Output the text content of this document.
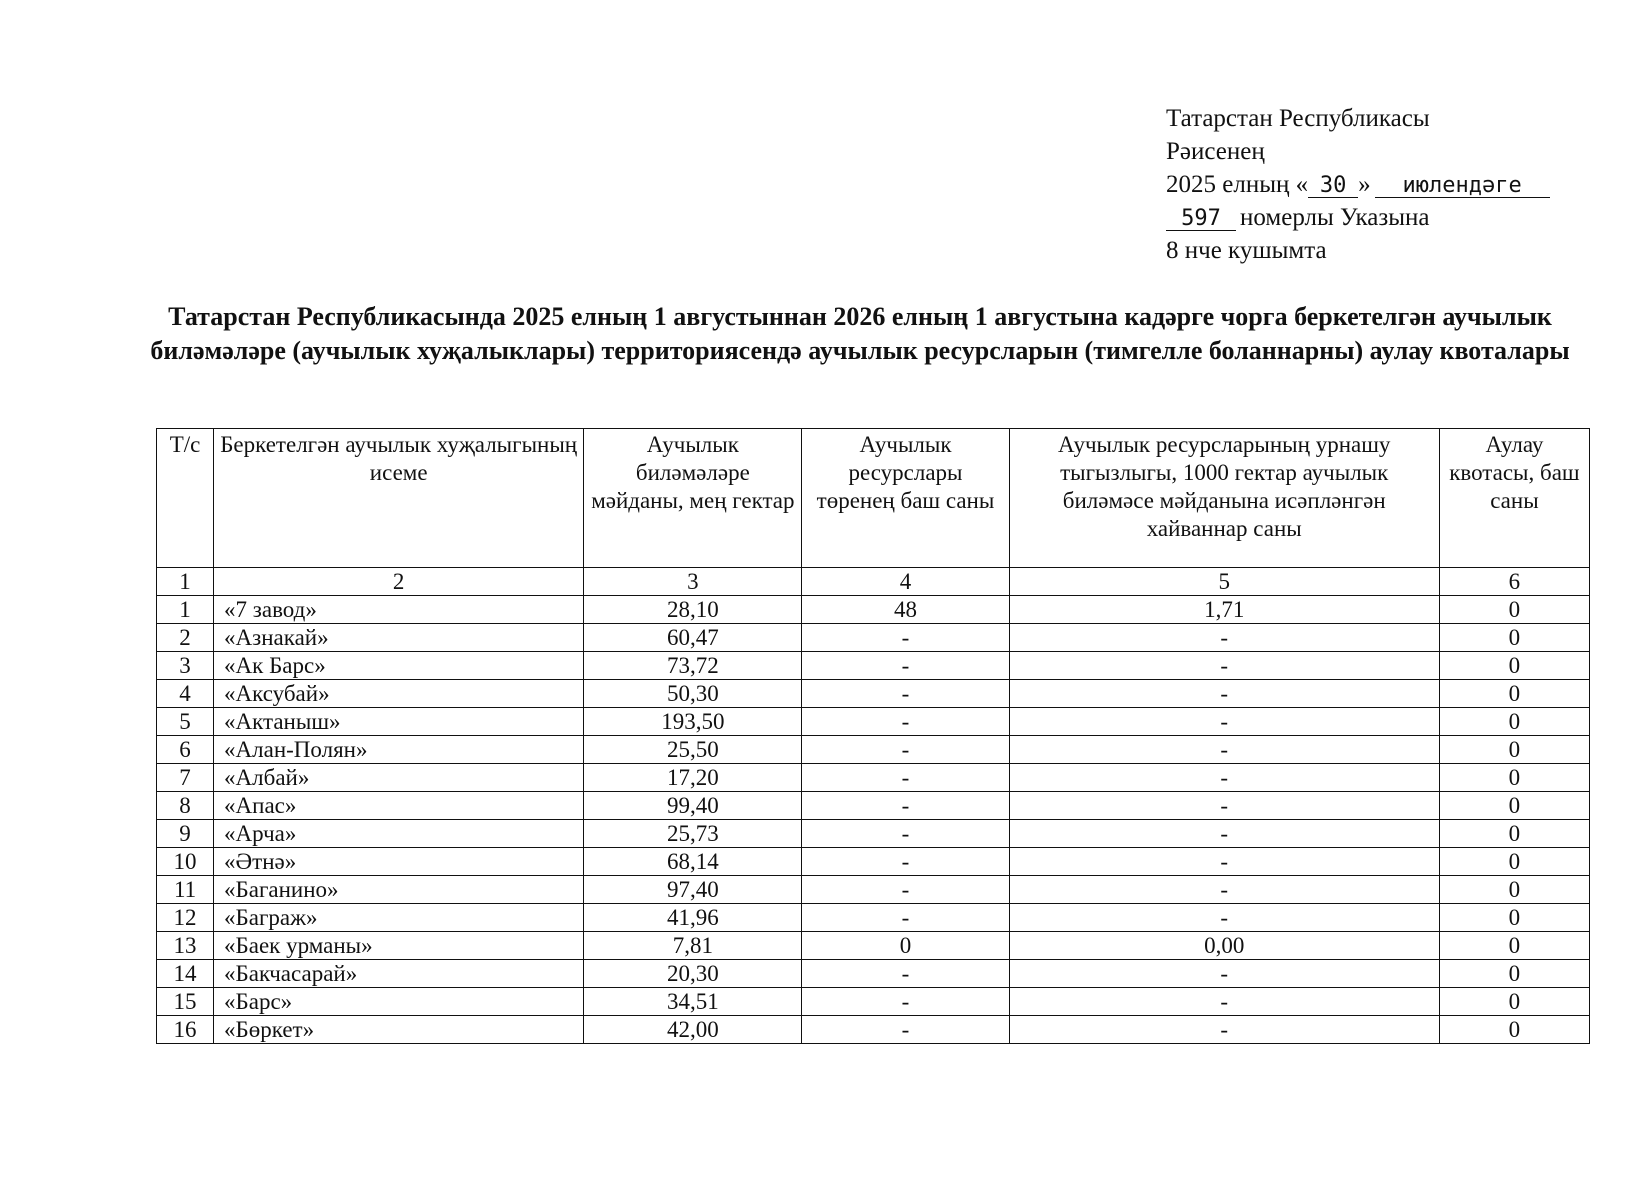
Татарстан Республикасы
Рәисенең
2025 елның « 30 » июлендәге
597 номерлы Указына
8 нче кушымта
Татарстан Республикасында 2025 елның 1 августыннан 2026 елның 1 августына кадәрге чорга беркетелгән аучылык биләмәләре (аучылык хуҗалыклары) территориясендә аучылык ресурсларын (тимгелле боланнарны) аулау квоталары
Т/с	Беркетелгән аучылык хуҗалыгының исеме	Аучылык биләмәләре мәйданы, мең гектар	Аучылык ресурслары төренең баш саны	Аучылык ресурсларының урнашу тыгызлыгы, 1000 гектар аучылык биләмәсе мәйданына исәпләнгән хайваннар саны	Аулау квотасы, баш саны
1	2	3	4	5	6
1	«7 завод»	28,10	48	1,71	0
2	«Азнакай»	60,47	-	-	0
3	«Ак Барс»	73,72	-	-	0
4	«Аксубай»	50,30	-	-	0
5	«Актаныш»	193,50	-	-	0
6	«Алан-Полян»	25,50	-	-	0
7	«Албай»	17,20	-	-	0
8	«Апас»	99,40	-	-	0
9	«Арча»	25,73	-	-	0
10	«Әтнә»	68,14	-	-	0
11	«Баганино»	97,40	-	-	0
12	«Баграж»	41,96	-	-	0
13	«Баек урманы»	7,81	0	0,00	0
14	«Бакчасарай»	20,30	-	-	0
15	«Барс»	34,51	-	-	0
16	«Бөркет»	42,00	-	-	0
